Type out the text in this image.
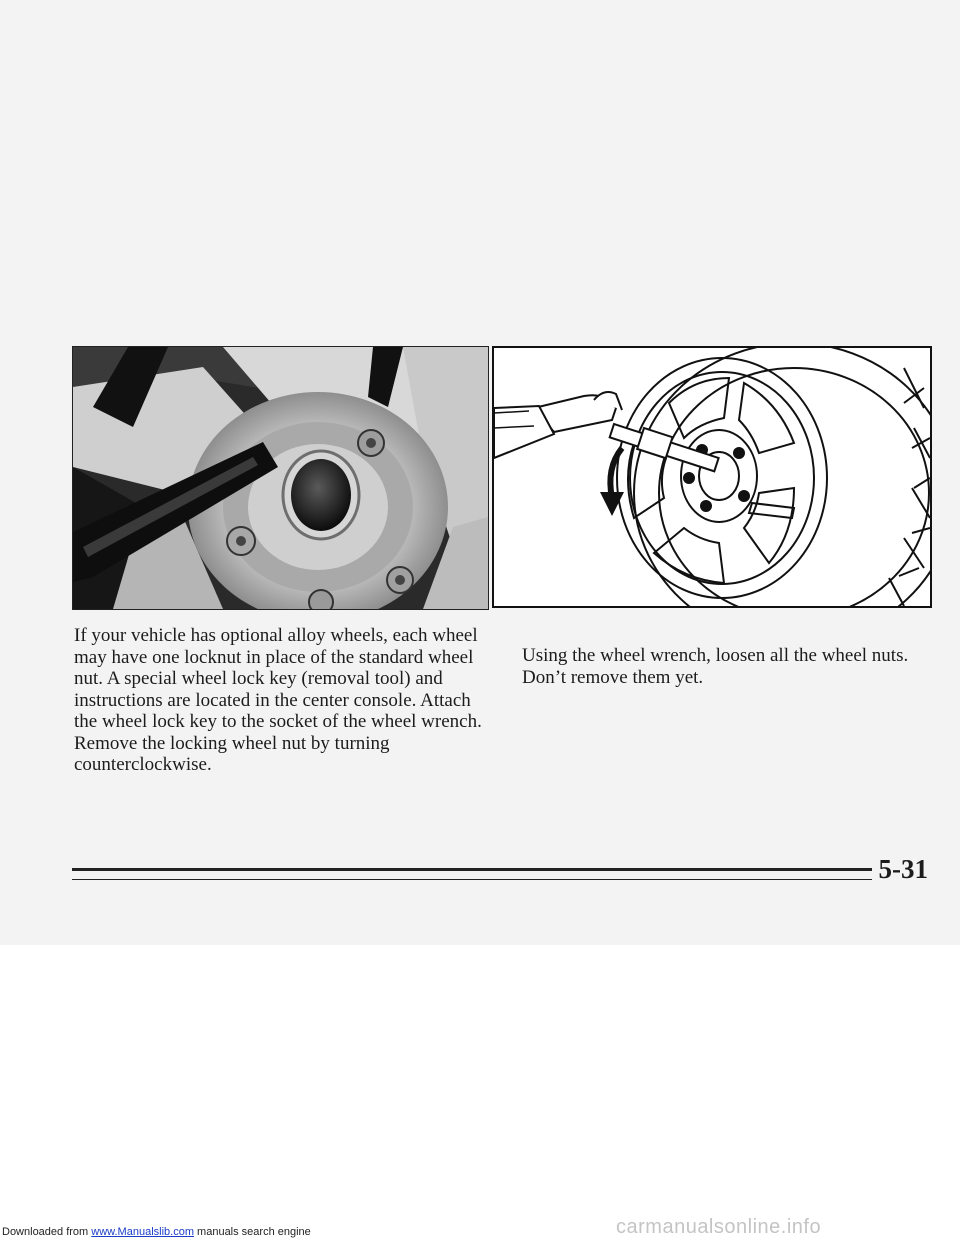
If your vehicle has optional alloy wheels, each wheel may have one locknut in place of the standard wheel nut. A special wheel lock key (removal tool) and instructions are located in the center console. Attach the wheel lock key to the socket of the wheel wrench. Remove the locking wheel nut by turning counterclockwise.

Using the wheel wrench, loosen all the wheel nuts. Don’t remove them yet.

5-31
Downloaded from www.Manualslib.com manuals search engine	carmanualsonline.info
